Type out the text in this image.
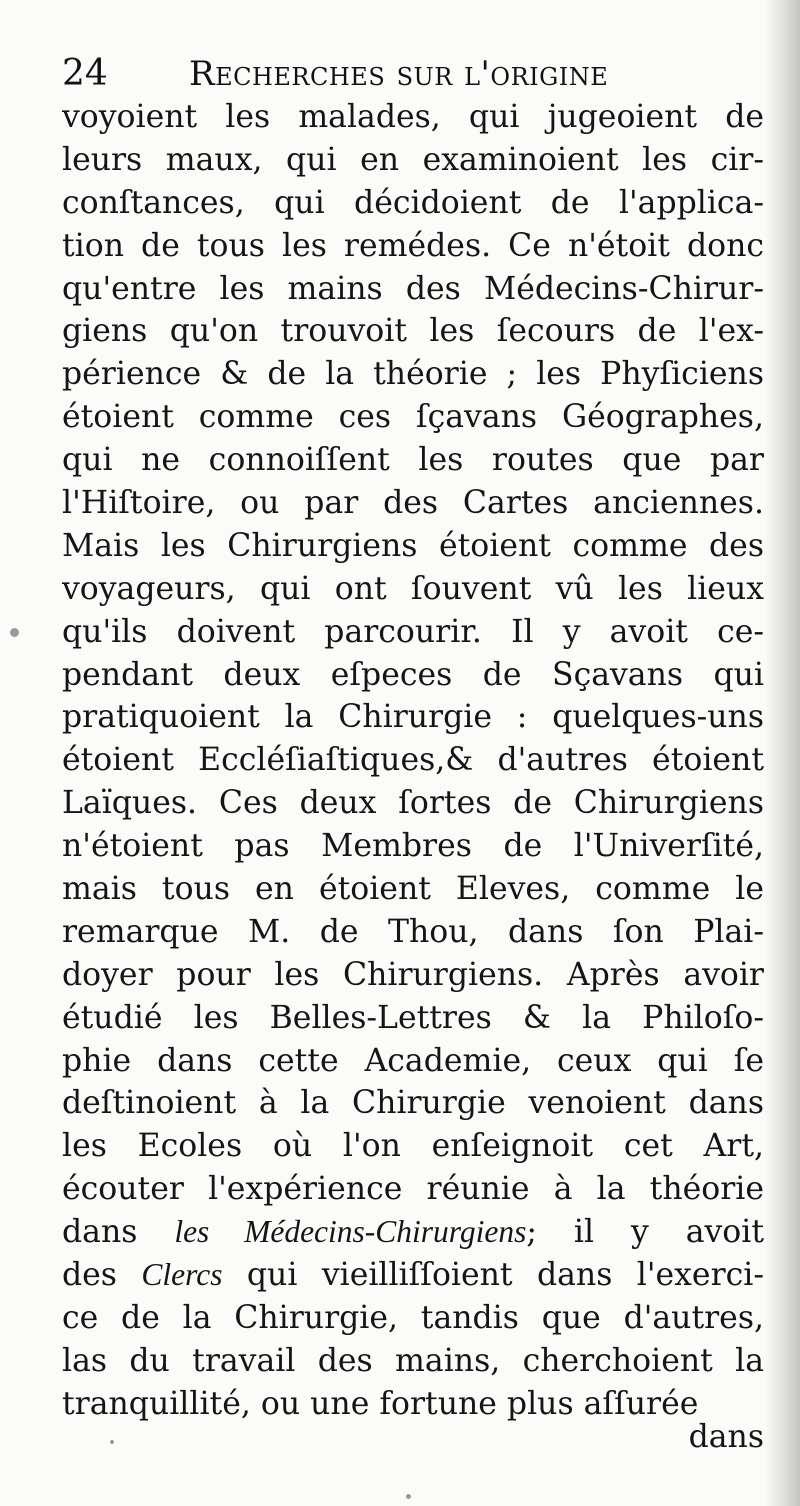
24 Recherches sur l'origine
voyoient les malades, qui jugeoient de
leurs maux, qui en examinoient les cir-
conſtances, qui décidoient de l'applica-
tion de tous les remédes. Ce n'étoit donc
qu'entre les mains des Médecins-Chirur-
giens qu'on trouvoit les ſecours de l'ex-
périence & de la théorie ; les Phyſiciens
étoient comme ces ſçavans Géographes,
qui ne connoiſſent les routes que par
l'Hiſtoire, ou par des Cartes anciennes.
Mais les Chirurgiens étoient comme des
voyageurs, qui ont ſouvent vû les lieux
qu'ils doivent parcourir. Il y avoit ce-
pendant deux eſpeces de Sçavans qui
pratiquoient la Chirurgie : quelques-uns
étoient Eccléſiaſtiques,& d'autres étoient
Laïques. Ces deux ſortes de Chirurgiens
n'étoient pas Membres de l'Univerſité,
mais tous en étoient Eleves, comme le
remarque M. de Thou, dans ſon Plai-
doyer pour les Chirurgiens. Après avoir
étudié les Belles-Lettres & la Philoſo-
phie dans cette Academie, ceux qui ſe
deſtinoient à la Chirurgie venoient dans
les Ecoles où l'on enſeignoit cet Art,
écouter l'expérience réunie à la théorie
dans les Médecins-Chirurgiens; il y avoit
des Clercs qui vieilliſſoient dans l'exerci-
ce de la Chirurgie, tandis que d'autres,
las du travail des mains, cherchoient la
tranquillité, ou une fortune plus aſſurée
dans
